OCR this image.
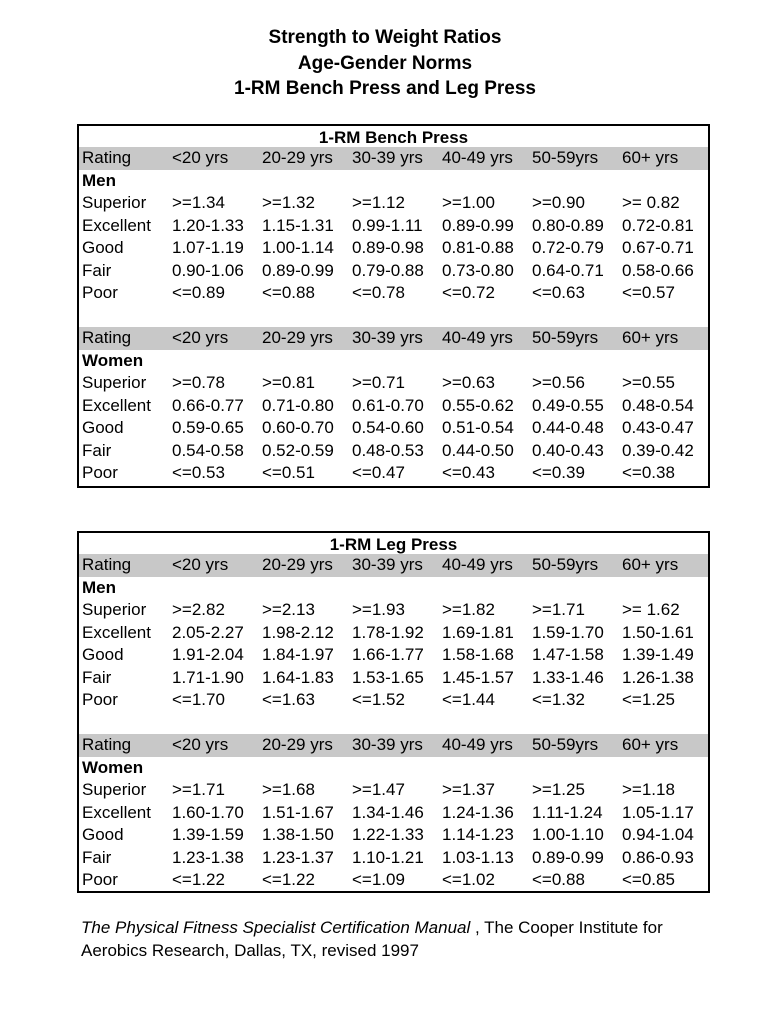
Strength to Weight Ratios
Age-Gender Norms
1-RM Bench Press and Leg Press
1-RM Bench Press
Rating <20 yrs 20-29 yrs 30-39 yrs 40-49 yrs 50-59yrs 60+ yrs
Men
Superior >=1.34 >=1.32 >=1.12 >=1.00 >=0.90 >= 0.82
Excellent 1.20-1.33 1.15-1.31 0.99-1.11 0.89-0.99 0.80-0.89 0.72-0.81
Good	1.07-1.19 1.00-1.14 0.89-0.98 0.81-0.88 0.72-0.79 0.67-0.71
Fair	0.90-1.06 0.89-0.99 0.79-0.88 0.73-0.80 0.64-0.71 0.58-0.66
Poor	<=0.89 <=0.88 <=0.78 <=0.72 <=0.63 <=0.57
Rating <20 yrs 20-29 yrs 30-39 yrs 40-49 yrs 50-59yrs 60+ yrs
Women
Superior >=0.78 >=0.81 >=0.71 >=0.63 >=0.56 >=0.55
Excellent 0.66-0.77 0.71-0.80 0.61-0.70 0.55-0.62 0.49-0.55 0.48-0.54
Good	0.59-0.65 0.60-0.70 0.54-0.60 0.51-0.54 0.44-0.48 0.43-0.47
Fair	0.54-0.58 0.52-0.59 0.48-0.53 0.44-0.50 0.40-0.43 0.39-0.42
Poor	<=0.53 <=0.51 <=0.47 <=0.43 <=0.39 <=0.38
1-RM Leg Press
Rating <20 yrs 20-29 yrs 30-39 yrs 40-49 yrs 50-59yrs 60+ yrs
Men
Superior >=2.82 >=2.13 >=1.93 >=1.82 >=1.71 >= 1.62
Excellent 2.05-2.27 1.98-2.12 1.78-1.92 1.69-1.81 1.59-1.70 1.50-1.61
Good	1.91-2.04 1.84-1.97 1.66-1.77 1.58-1.68 1.47-1.58 1.39-1.49
Fair	1.71-1.90 1.64-1.83 1.53-1.65 1.45-1.57 1.33-1.46 1.26-1.38
Poor	<=1.70 <=1.63 <=1.52 <=1.44 <=1.32 <=1.25
Rating <20 yrs 20-29 yrs 30-39 yrs 40-49 yrs 50-59yrs 60+ yrs
Women
Superior >=1.71 >=1.68 >=1.47 >=1.37 >=1.25 >=1.18
Excellent 1.60-1.70 1.51-1.67 1.34-1.46 1.24-1.36 1.11-1.24 1.05-1.17
Good	1.39-1.59 1.38-1.50 1.22-1.33 1.14-1.23 1.00-1.10 0.94-1.04
Fair	1.23-1.38 1.23-1.37 1.10-1.21 1.03-1.13 0.89-0.99 0.86-0.93
Poor	<=1.22 <=1.22 <=1.09 <=1.02 <=0.88 <=0.85
The Physical Fitness Specialist Certification Manual , The Cooper Institute for Aerobics Research, Dallas, TX, revised 1997
